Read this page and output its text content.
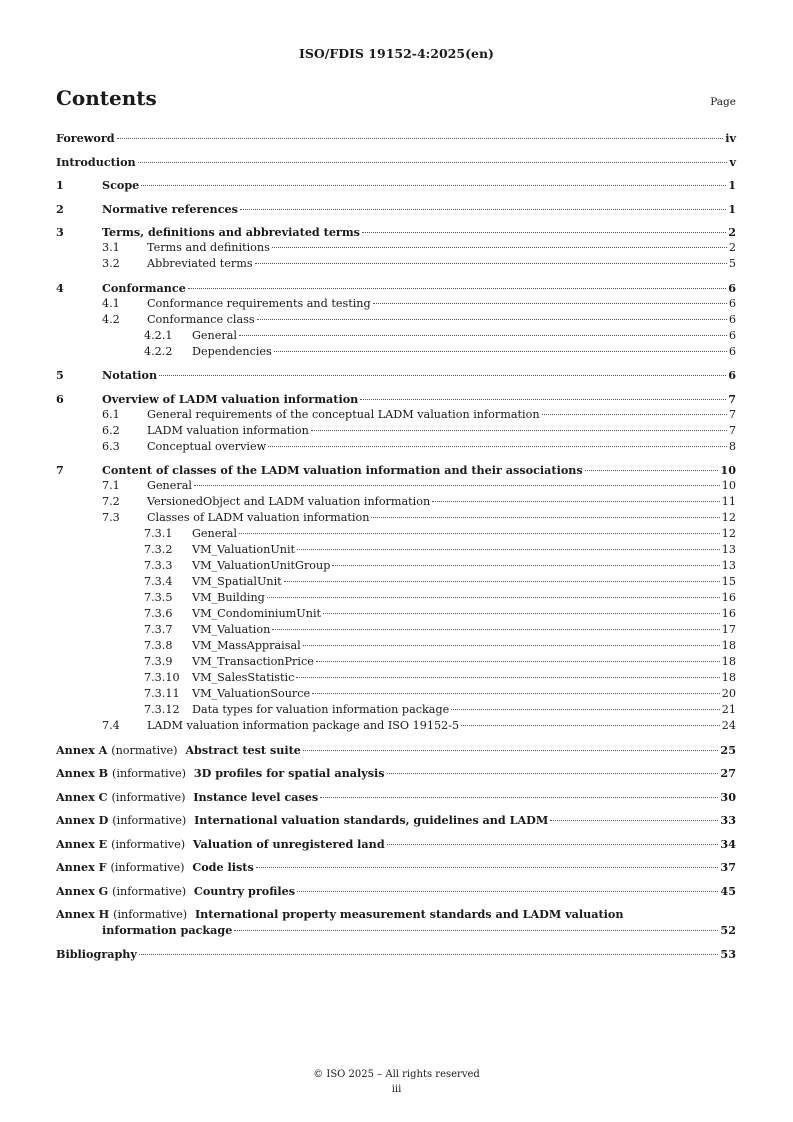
ISO/FDIS 19152-4:2025(en)
Contents	Page
Foreword	iv
Introduction	v
1	Scope	1
2	Normative references	1
3	Terms, definitions and abbreviated terms	2
3.1 Terms and definitions	2
3.2 Abbreviated terms	5
4	Conformance	6
4.1 Conformance requirements and testing	6
4.2 Conformance class	6
4.2.1 General	6
4.2.2 Dependencies	6
5	Notation	6
6	Overview of LADM valuation information	7
6.1 General requirements of the conceptual LADM valuation information	7
6.2 LADM valuation information	7
6.3 Conceptual overview	8
7	Content of classes of the LADM valuation information and their associations	10
7.1 General	10
7.2 VersionedObject and LADM valuation information	11
7.3 Classes of LADM valuation information	12
7.3.1 General	12
7.3.2 VM_ValuationUnit	13
7.3.3 VM_ValuationUnitGroup	13
7.3.4 VM_SpatialUnit	15
7.3.5 VM_Building	16
7.3.6 VM_CondominiumUnit	16
7.3.7 VM_Valuation	17
7.3.8 VM_MassAppraisal	18
7.3.9 VM_TransactionPrice	18
7.3.10 VM_SalesStatistic	18
7.3.11 VM_ValuationSource	20
7.3.12 Data types for valuation information package	21
7.4 LADM valuation information package and ISO 19152-5	24
Annex A
(normative)
Abstract test suite	25
Annex B
(informative)
3D profiles for spatial analysis	27
Annex C
(informative)
Instance level cases	30
Annex D
(informative)
International valuation standards, guidelines and LADM	33
Annex E
(informative)
Valuation of unregistered land	34
Annex F
(informative)
Code lists	37
Annex G
(informative)
Country profiles	45
Annex H
(informative)
International property measurement standards and LADM valuation
information package	52
Bibliography	53
© ISO 2025 – All rights reserved
iii
